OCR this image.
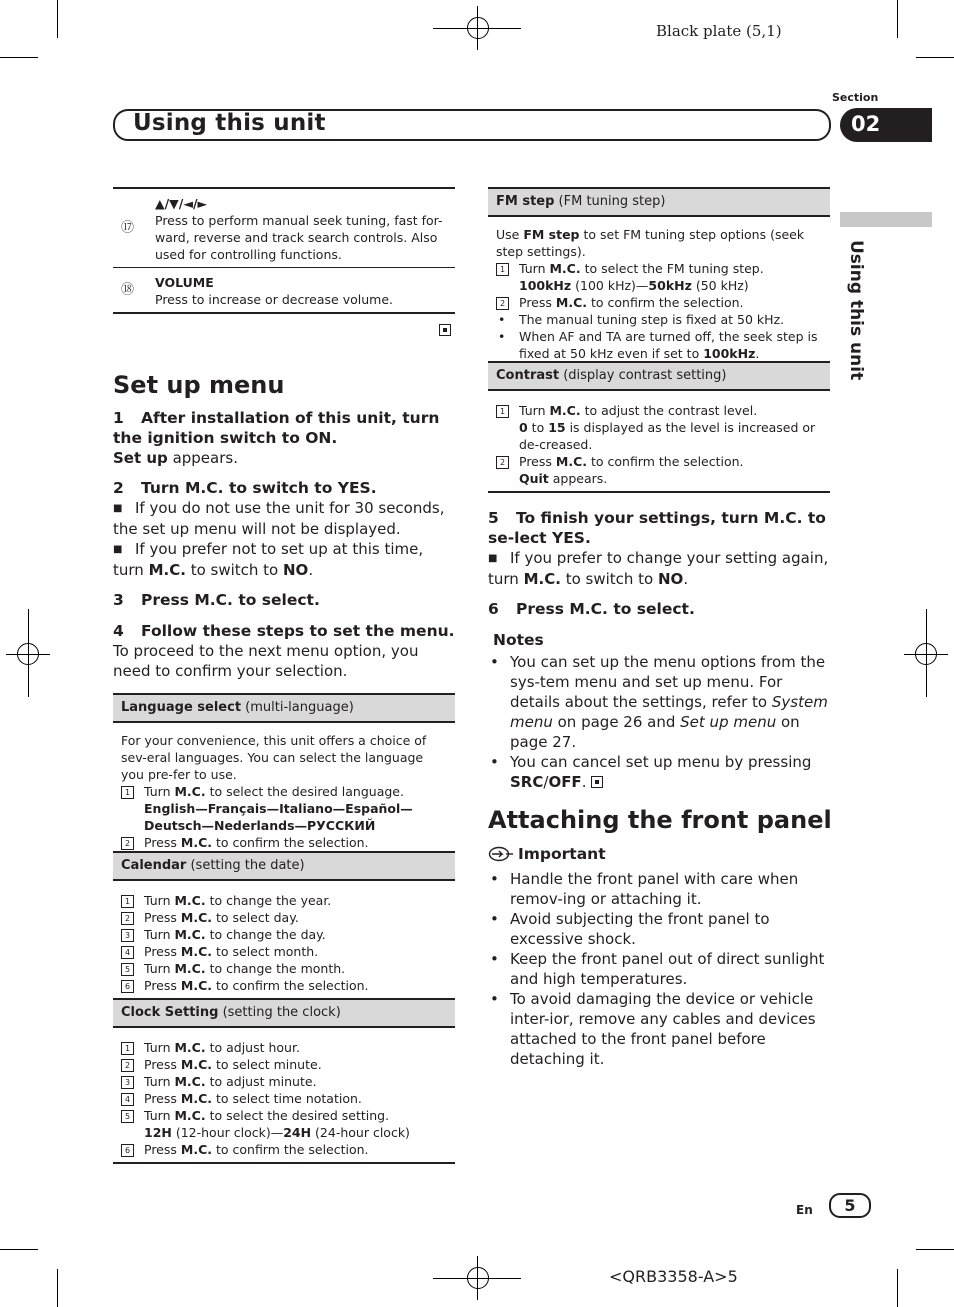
Black plate (5,1)
Using this unit
Section
02
Using this unit
⑰
▲/▼/◄/►
Press to perform manual seek tuning, fast for-ward, reverse and track search controls. Also used for controlling functions.
⑱ VOLUME
Press to increase or decrease volume.
Set up menu
1 After installation of this unit, turn the ignition switch to ON.

Set up appears.

2 Turn M.C. to switch to YES.

■ If you do not use the unit for 30 seconds, the set up menu will not be displayed.

■ If you prefer not to set up at this time, turn M.C. to switch to NO.

3 Press M.C. to select.
4 Follow these steps to set the menu.

To proceed to the next menu option, you need to confirm your selection.

Language select (multi-language)
For your convenience, this unit offers a choice of sev-eral languages. You can select the language you pre-fer to use.
1	Turn M.C. to select the desired language.
English—Français—Italiano—Español—
Deutsch—Nederlands—РУССКИЙ
2	Press M.C. to confirm the selection.
Calendar (setting the date)
1	Turn M.C. to change the year.
2	Press M.C. to select day.
3	Turn M.C. to change the day.
4	Press M.C. to select month.
5	Turn M.C. to change the month.
6	Press M.C. to confirm the selection.
Clock Setting (setting the clock)
1	Turn M.C. to adjust hour.
2	Press M.C. to select minute.
3	Turn M.C. to adjust minute.
4	Press M.C. to select time notation.
5	Turn M.C. to select the desired setting.
12H (12-hour clock)—24H (24-hour clock)
6	Press M.C. to confirm the selection.
FM step (FM tuning step)
Use FM step to set FM tuning step options (seek step settings).
1	Turn M.C. to select the FM tuning step.
100kHz (100 kHz)—50kHz (50 kHz)
2	Press M.C. to confirm the selection.
• The manual tuning step is fixed at 50 kHz.
• When AF and TA are turned off, the seek step is fixed at 50 kHz even if set to 100kHz.
Contrast (display contrast setting)
1	Turn M.C. to adjust the contrast level.
0 to 15 is displayed as the level is increased or de-creased.
2	Press M.C. to confirm the selection.
Quit appears.
5 To finish your settings, turn M.C. to se-lect YES.

■ If you prefer to change your setting again, turn M.C. to switch to NO.

6 Press M.C. to select.
Notes
• You can set up the menu options from the sys-tem menu and set up menu. For details about the settings, refer to System menu on page 26 and Set up menu on page 27.
• You can cancel set up menu by pressing SRC/OFF.
Attaching the front panel
Important
• Handle the front panel with care when remov-ing or attaching it.
• Avoid subjecting the front panel to excessive shock.
• Keep the front panel out of direct sunlight and high temperatures.
• To avoid damaging the device or vehicle inter-ior, remove any cables and devices attached to the front panel before detaching it.
En	5
<QRB3358-A>5
